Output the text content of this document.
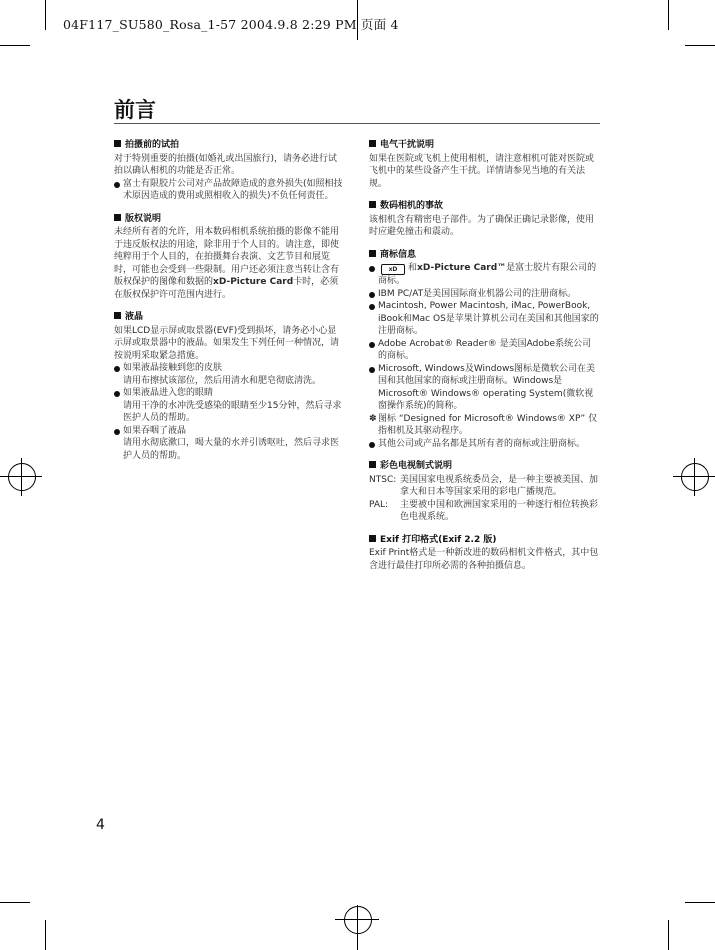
04F117_SU580_Rosa_1-57 2004.9.8 2:29 PM 页面 4
前言
拍摄前的试拍

对于特别重要的拍摄(如婚礼或出国旅行)，请务必进行试拍以确认相机的功能是否正常。

富士有限胶片公司对产品故障造成的意外损失(如照相技术原因造成的费用或照相收入的损失)不负任何责任。
版权说明

未经所有者的允许，用本数码相机系统拍摄的影像不能用于违反版权法的用途，除非用于个人目的。请注意，即使纯粹用于个人目的，在拍摄舞台表演、文艺节目和展览时，可能也会受到一些限制。用户还必须注意当转让含有版权保护的图像和数据的xD-Picture Card卡时，必须在版权保护许可范围内进行。

液晶

如果LCD显示屏或取景器(EVF)受到损坏，请务必小心显示屏或取景器中的液晶。如果发生下列任何一种情况，请按说明采取紧急措施。

如果液晶接触到您的皮肤
请用布擦拭该部位，然后用清水和肥皂彻底清洗。
如果液晶进入您的眼睛
请用干净的水冲洗受感染的眼睛至少15分钟，然后寻求医护人员的帮助。
如果吞咽了液晶
请用水彻底漱口，喝大量的水并引诱呕吐，然后寻求医护人员的帮助。
电气干扰说明

如果在医院或飞机上使用相机，请注意相机可能对医院或飞机中的某些设备产生干扰。详情请参见当地的有关法规。

数码相机的事故

该相机含有精密电子部件。为了确保正确记录影像，使用时应避免撞击和震动。

商标信息
xD 和xD-Picture Card™是富士胶片有限公司的商标。
IBM PC/AT是美国国际商业机器公司的注册商标。
Macintosh, Power Macintosh, iMac, PowerBook, iBook和Mac OS是苹果计算机公司在美国和其他国家的注册商标。
Adobe Acrobat® Reader® 是美国Adobe系统公司的商标。
Microsoft, Windows及Windows图标是微软公司在美国和其他国家的商标或注册商标。Windows是Microsoft® Windows® operating System(微软视窗操作系统)的简称。
✽ 图标 “Designed for Microsoft® Windows® XP” 仅指相机及其驱动程序。
其他公司或产品名都是其所有者的商标或注册商标。
彩色电视制式说明
NTSC: 美国国家电视系统委员会，是一种主要被美国、加拿大和日本等国家采用的彩电广播规范。
PAL: 主要被中国和欧洲国家采用的一种逐行相位转换彩色电视系统。
Exif 打印格式(Exif 2.2 版)

Exif Print格式是一种新改进的数码相机文件格式，其中包含进行最佳打印所必需的各种拍摄信息。

4
